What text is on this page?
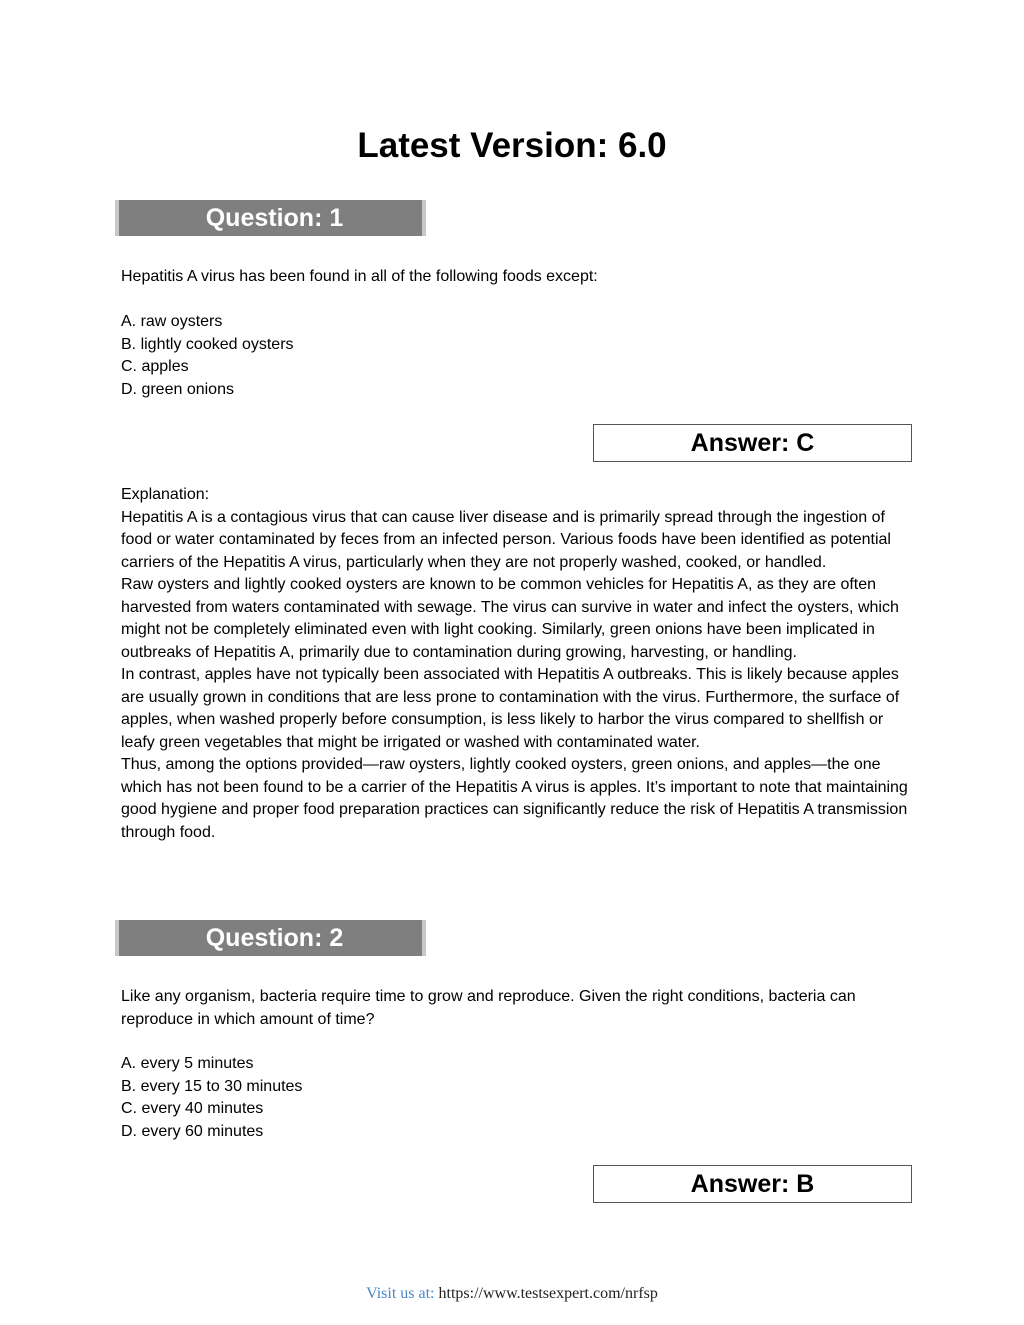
Latest Version: 6.0
Question: 1
Hepatitis A virus has been found in all of the following foods except:
A. raw oysters
B. lightly cooked oysters
C. apples
D. green onions
Answer: C

Explanation:

Hepatitis A is a contagious virus that can cause liver disease and is primarily spread through the ingestion of food or water contaminated by feces from an infected person. Various foods have been identified as potential carriers of the Hepatitis A virus, particularly when they are not properly washed, cooked, or handled.

Raw oysters and lightly cooked oysters are known to be common vehicles for Hepatitis A, as they are often harvested from waters contaminated with sewage. The virus can survive in water and infect the oysters, which might not be completely eliminated even with light cooking. Similarly, green onions have been implicated in outbreaks of Hepatitis A, primarily due to contamination during growing, harvesting, or handling.

In contrast, apples have not typically been associated with Hepatitis A outbreaks. This is likely because apples are usually grown in conditions that are less prone to contamination with the virus. Furthermore, the surface of apples, when washed properly before consumption, is less likely to harbor the virus compared to shellfish or leafy green vegetables that might be irrigated or washed with contaminated water.

Thus, among the options provided—raw oysters, lightly cooked oysters, green onions, and apples—the one which has not been found to be a carrier of the Hepatitis A virus is apples. It’s important to note that maintaining good hygiene and proper food preparation practices can significantly reduce the risk of Hepatitis A transmission through food.

Question: 2
Like any organism, bacteria require time to grow and reproduce. Given the right conditions, bacteria can reproduce in which amount of time?
A. every 5 minutes
B. every 15 to 30 minutes
C. every 40 minutes
D. every 60 minutes
Answer: B
Visit us at: https://www.testsexpert.com/nrfsp
